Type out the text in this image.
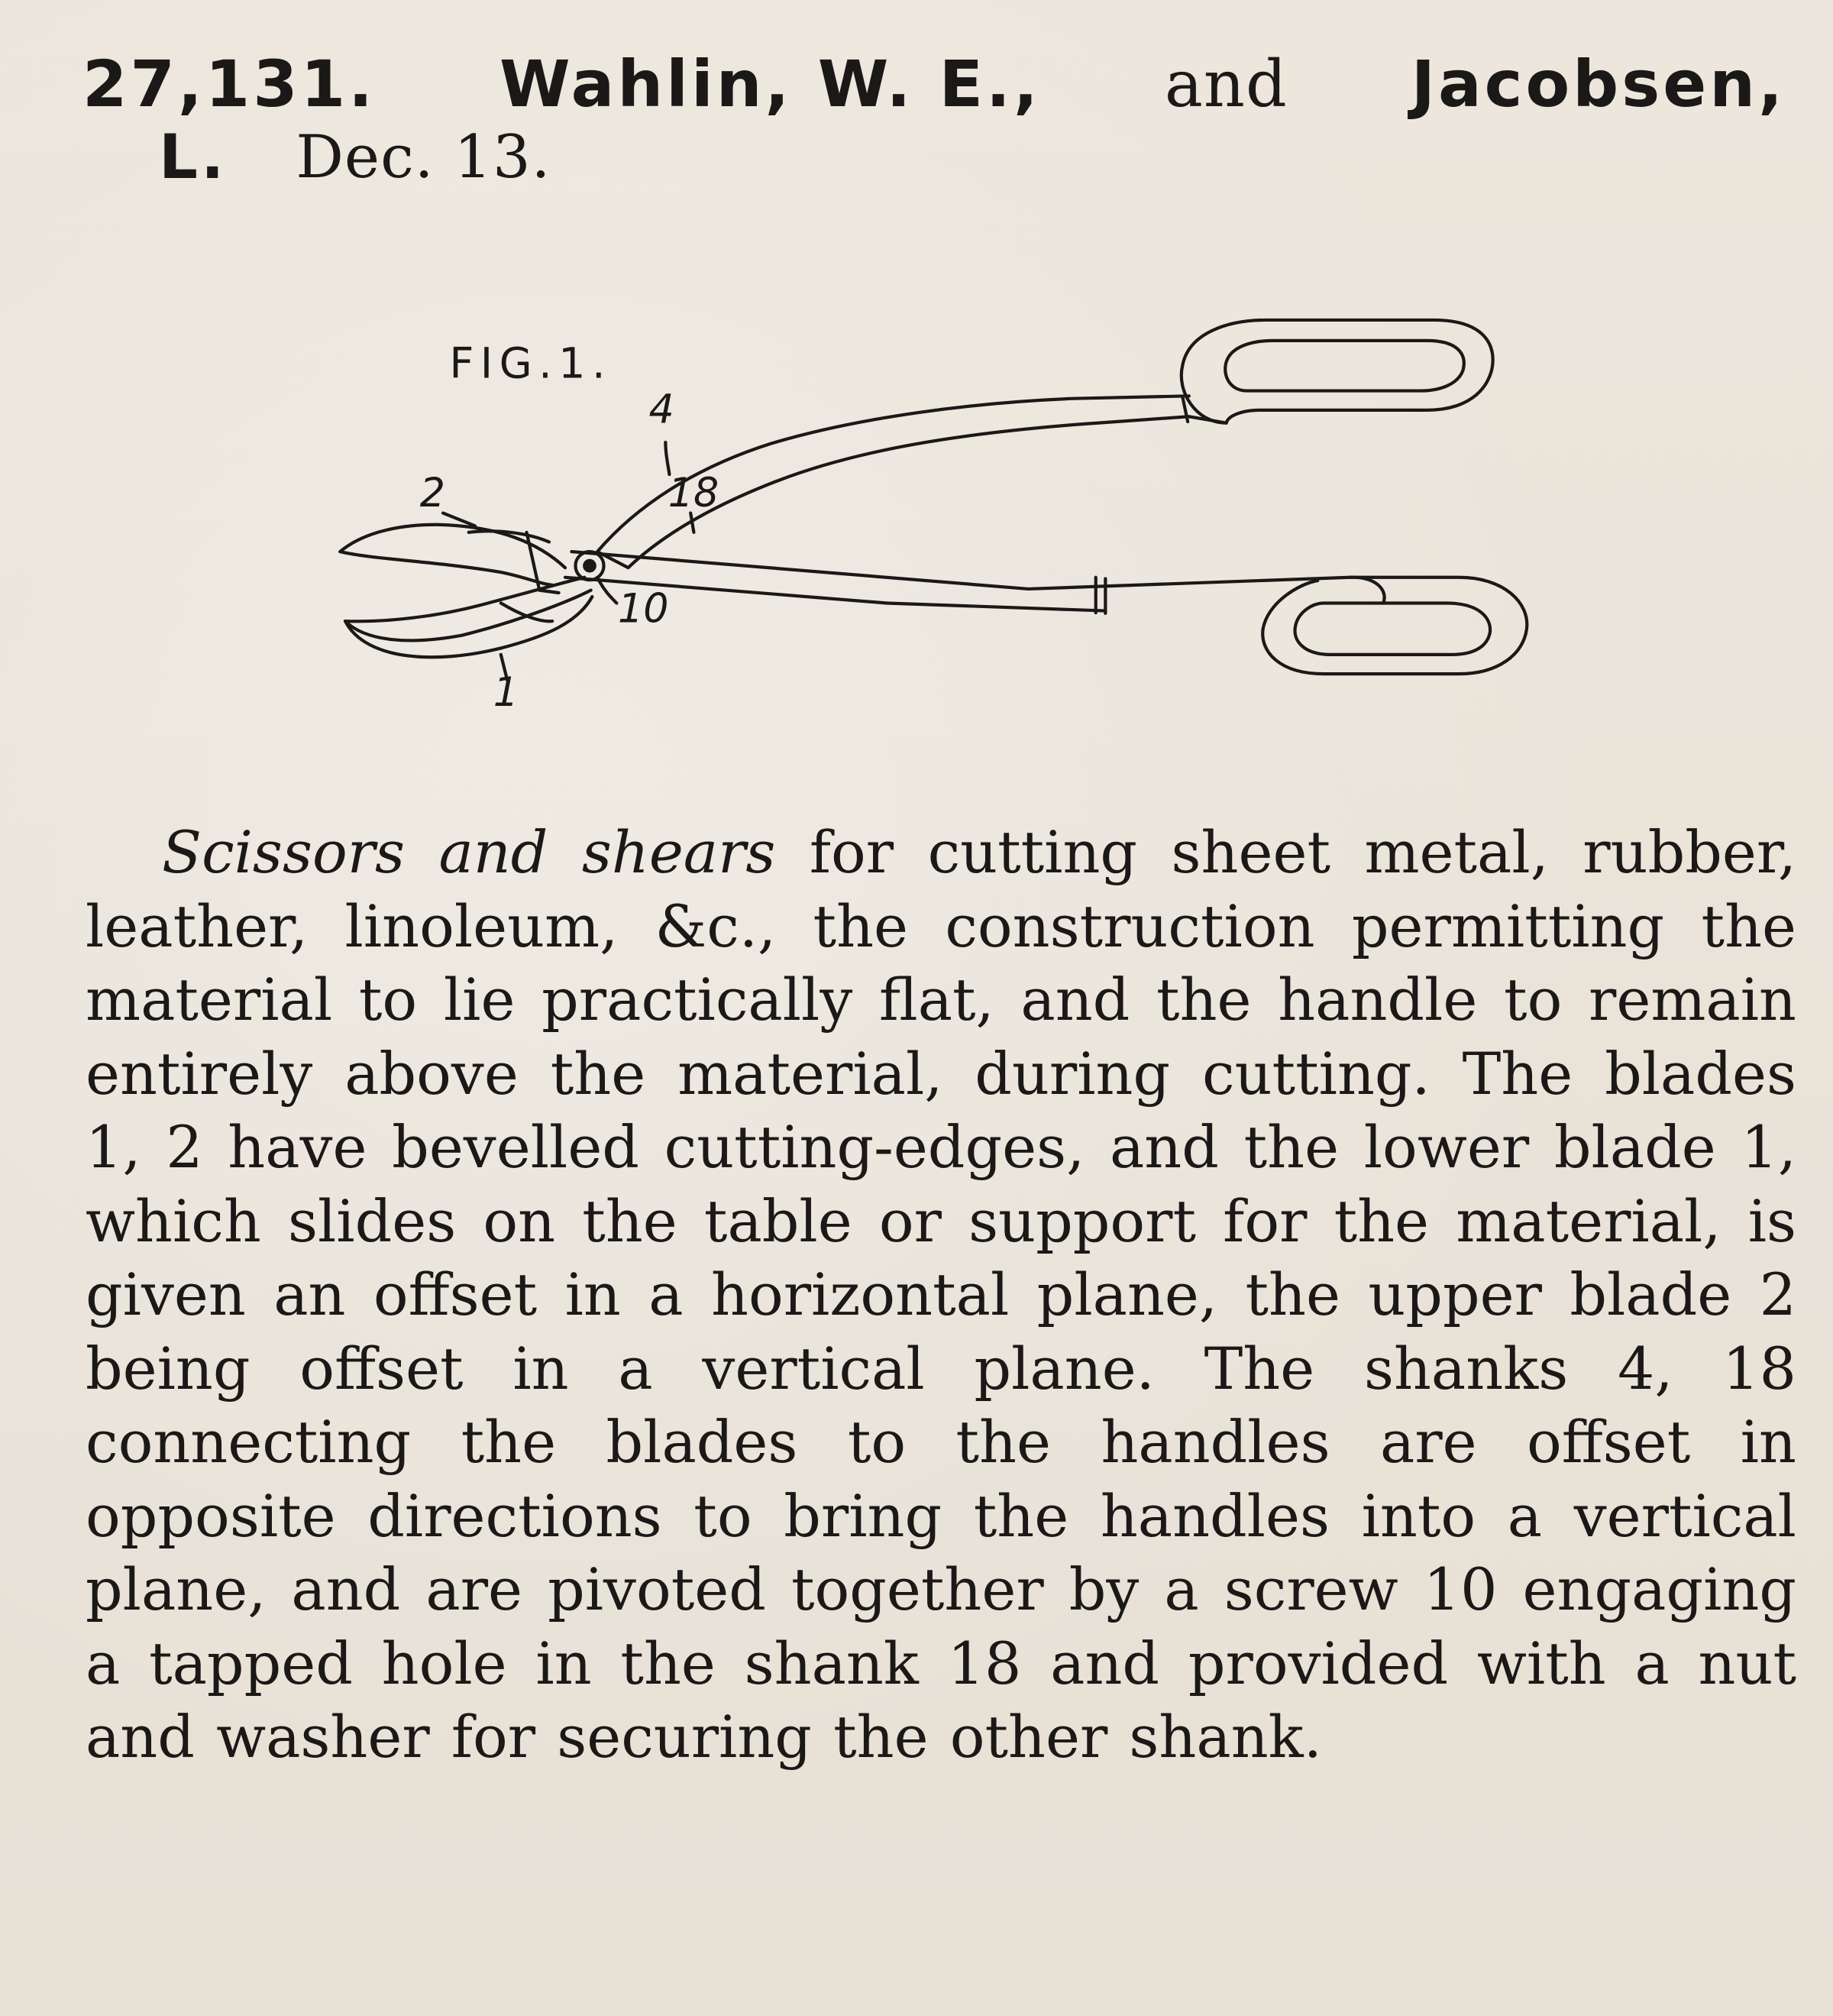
27,131. Wahlin, W. E., and Jacobsen,
L. Dec. 13.
FIG.1.
4
2	18
10
1

Scissors and shears for cutting sheet metal, rubber, leather, linoleum, &c., the construction permitting the material to lie practically flat, and the handle to remain entirely above the material, during cutting. The blades 1, 2 have bevelled cutting-edges, and the lower blade 1, which slides on the table or support for the material, is given an offset in a horizontal plane, the upper blade 2 being offset in a vertical plane. The shanks 4, 18 connecting the blades to the handles are offset in opposite directions to bring the handles into a vertical plane, and are pivoted together by a screw 10 engaging a tapped hole in the shank 18 and provided with a nut and washer for securing the other shank.
